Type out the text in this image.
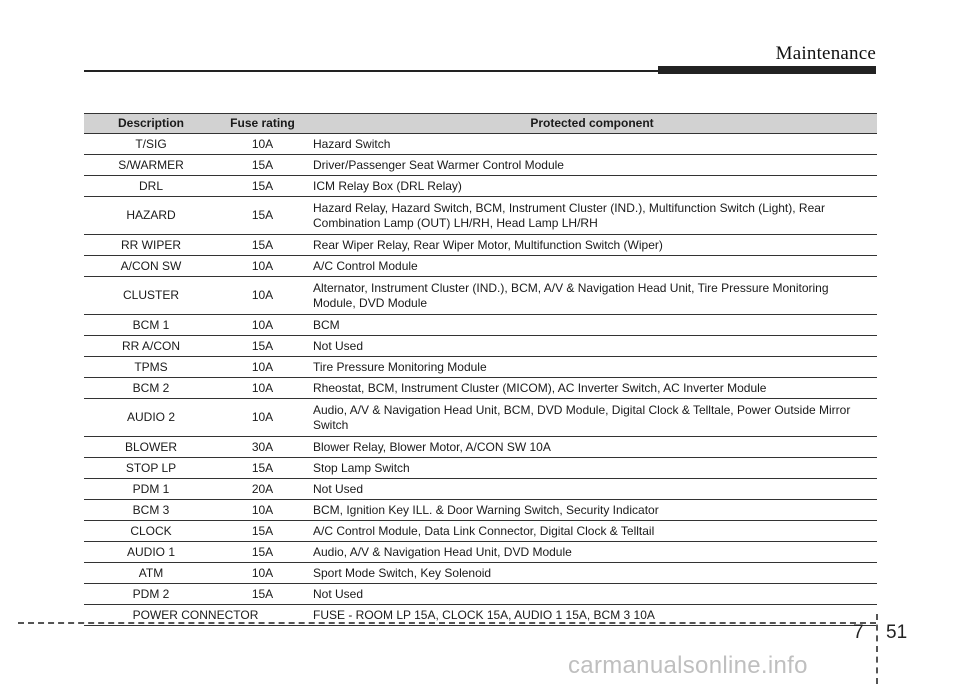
Maintenance
Description	Fuse rating	Protected component
T/SIG	10A	Hazard Switch
S/WARMER	15A	Driver/Passenger Seat Warmer Control Module
DRL	15A	ICM Relay Box (DRL Relay)
HAZARD	15A	Hazard Relay, Hazard Switch, BCM, Instrument Cluster (IND.), Multifunction Switch (Light), Rear Combination Lamp (OUT) LH/RH, Head Lamp LH/RH
RR WIPER	15A	Rear Wiper Relay, Rear Wiper Motor, Multifunction Switch (Wiper)
A/CON SW	10A	A/C Control Module
CLUSTER	10A	Alternator, Instrument Cluster (IND.), BCM, A/V & Navigation Head Unit, Tire Pressure Monitoring Module, DVD Module
BCM 1	10A	BCM
RR A/CON	15A	Not Used
TPMS	10A	Tire Pressure Monitoring Module
BCM 2	10A	Rheostat, BCM, Instrument Cluster (MICOM), AC Inverter Switch, AC Inverter Module
AUDIO 2	10A	Audio, A/V & Navigation Head Unit, BCM, DVD Module, Digital Clock & Telltale, Power Outside Mirror Switch
BLOWER	30A	Blower Relay, Blower Motor, A/CON SW 10A
STOP LP	15A	Stop Lamp Switch
PDM 1	20A	Not Used
BCM 3	10A	BCM, Ignition Key ILL. & Door Warning Switch, Security Indicator
CLOCK	15A	A/C Control Module, Data Link Connector, Digital Clock & Telltail
AUDIO 1	15A	Audio, A/V & Navigation Head Unit, DVD Module
ATM	10A	Sport Mode Switch, Key Solenoid
PDM 2	15A	Not Used
POWER CONNECTOR		FUSE - ROOM LP 15A, CLOCK 15A, AUDIO 1 15A, BCM 3 10A
7 51
carmanualsonline.info
